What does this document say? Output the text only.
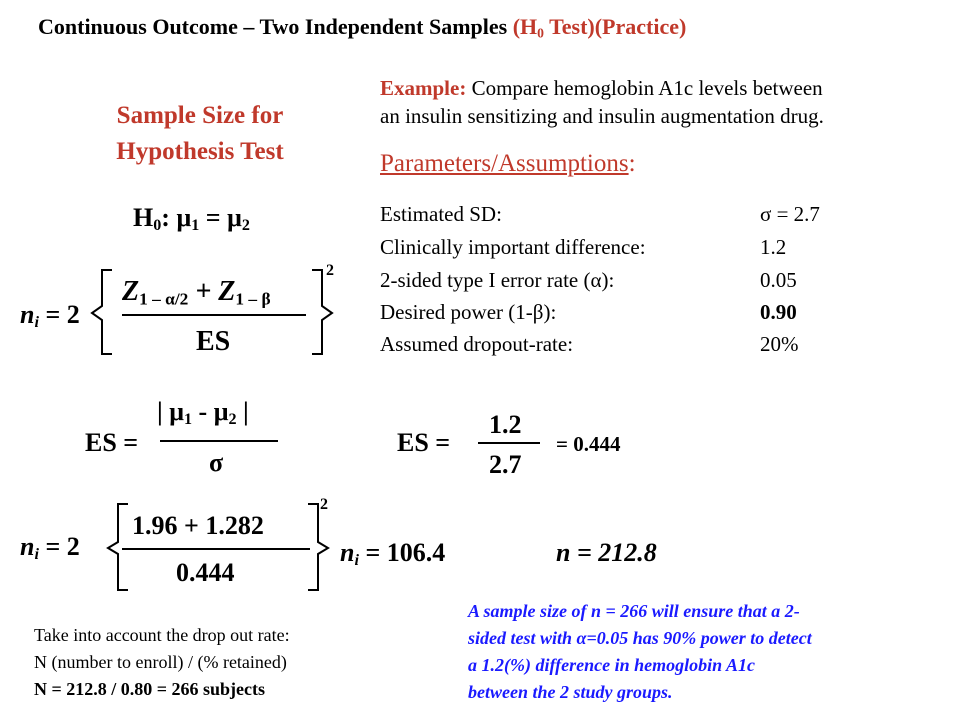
Continuous Outcome – Two Independent Samples ($H_0$ Test)(Practice)
Sample Size for
Hypothesis Test
$H_0$: $\mu_1 = \mu_2$
$n_i = 2$
$Z_{1 - \alpha/2} + Z_{1 - \beta}$
ES
2
ES =
| $\mu_1 - \mu_2$ |
σ
ES =
1.2
2.7
= 0.444
$n_i = 2$
1.96 + 1.282
0.444
2
$n_i = 106.4$	n = 212.8
Example: Compare hemoglobin A1c levels between
an insulin sensitizing and insulin augmentation drug.
Parameters/Assumptions:
Estimated SD:	σ = 2.7
Clinically important difference:	1.2
2-sided type I error rate (α):	0.05
Desired power (1-β):	0.90
Assumed dropout-rate:	20%
Take into account the drop out rate:
N (number to enroll) / (% retained)
N = 212.8 / 0.80 = 266 subjects
A sample size of n = 266 will ensure that a 2-
sided test with α=0.05 has 90% power to detect
a 1.2(%) difference in hemoglobin A1c
between the 2 study groups.
